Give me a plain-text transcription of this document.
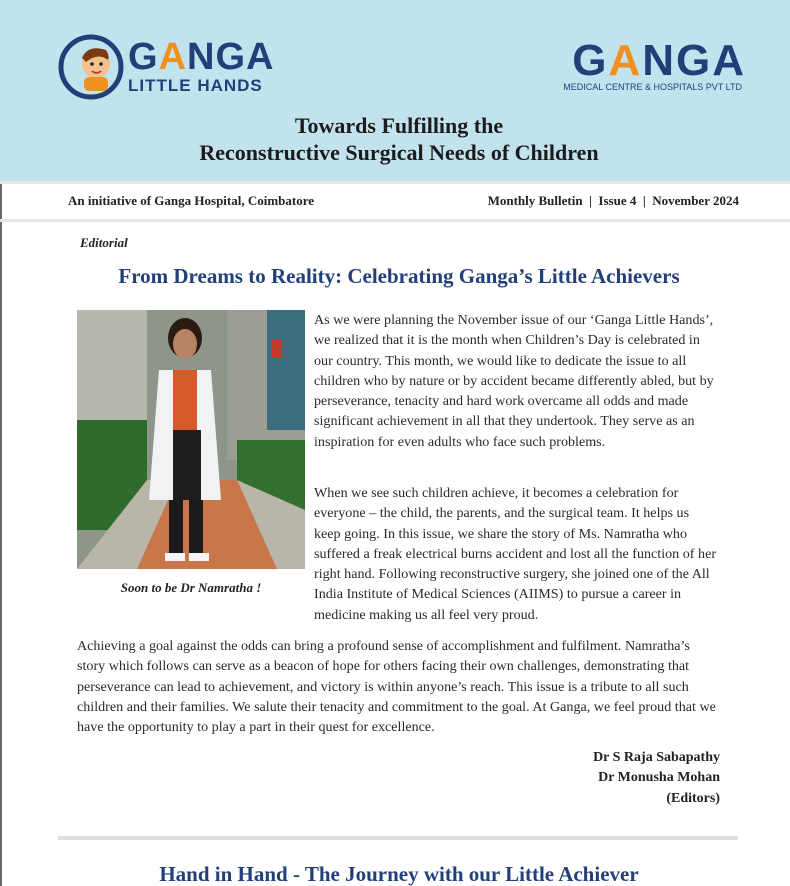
GANGA
LITTLE HANDS
GANGA
MEDICAL CENTRE & HOSPITALS PVT LTD
Towards Fulfilling the
Reconstructive Surgical Needs of Children
An initiative of Ganga Hospital, Coimbatore	Monthly Bulletin  |  Issue 4  |  November 2024
Editorial
From Dreams to Reality: Celebrating Ganga’s Little Achievers
Soon to be Dr Namratha !

As we were planning the November issue of our ‘Ganga Little Hands’, we realized that it is the month when Children’s Day is celebrated in our country. This month, we would like to dedicate the issue to all children who by nature or by accident became differently abled, but by perseverance, tenacity and hard work overcame all odds and made significant achievement in all that they undertook. They serve as an inspiration for even adults who face such problems.

When we see such children achieve, it becomes a celebration for everyone – the child, the parents, and the surgical team. It helps us keep going. In this issue, we share the story of Ms. Namratha who suffered a freak electrical burns accident and lost all the function of her right hand. Following reconstructive surgery, she joined one of the All India Institute of Medical Sciences (AIIMS) to pursue a career in medicine making us all feel very proud.

Achieving a goal against the odds can bring a profound sense of accomplishment and fulfilment. Namratha’s story which follows can serve as a beacon of hope for others facing their own challenges, demonstrating that perseverance can lead to achievement, and victory is within anyone’s reach. This issue is a tribute to all such children and their families. We salute their tenacity and commitment to the goal. At Ganga, we feel proud that we have the opportunity to play a part in their quest for excellence.

Dr S Raja Sabapathy
Dr Monusha Mohan
(Editors)
Hand in Hand - The Journey with our Little Achiever
